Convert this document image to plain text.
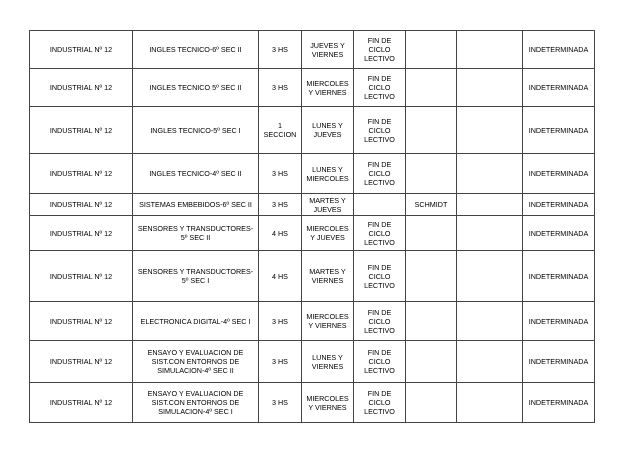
INDUSTRIAL Nº 12	INGLES TECNICO-6º SEC II	3 HS	JUEVES Y
VIERNES	FIN DE
CICLO
LECTIVO			INDETERMINADA
INDUSTRIAL Nº 12	INGLES TECNICO 5º SEC II	3 HS	MIERCOLES
Y VIERNES	FIN DE
CICLO
LECTIVO			INDETERMINADA
INDUSTRIAL Nº 12	INGLES TECNICO-5º SEC I	1
SECCION	LUNES Y
JUEVES	FIN DE
CICLO
LECTIVO			INDETERMINADA
INDUSTRIAL Nº 12	INGLES TECNICO-4º SEC II	3 HS	LUNES Y
MIERCOLES	FIN DE
CICLO
LECTIVO			INDETERMINADA
INDUSTRIAL Nº 12	SISTEMAS EMBEBIDOS-6º SEC II	3 HS	MARTES Y
JUEVES		SCHMIDT		INDETERMINADA
INDUSTRIAL Nº 12	SENSORES Y TRANSDUCTORES-
5º SEC II	4 HS	MIERCOLES
Y JUEVES	FIN DE
CICLO
LECTIVO			INDETERMINADA
INDUSTRIAL Nº 12	SENSORES Y TRANSDUCTORES-
5º SEC I	4 HS	MARTES Y
VIERNES	FIN DE
CICLO
LECTIVO			INDETERMINADA
INDUSTRIAL Nº 12	ELECTRONICA DIGITAL-4º SEC I	3 HS	MIERCOLES
Y VIERNES	FIN DE
CICLO
LECTIVO			INDETERMINADA
INDUSTRIAL Nº 12	ENSAYO Y EVALUACION DE
SIST.CON ENTORNOS DE
SIMULACION-4º SEC II	3 HS	LUNES Y
VIERNES	FIN DE
CICLO
LECTIVO			INDETERMINADA
INDUSTRIAL Nº 12	ENSAYO Y EVALUACION DE
SIST.CON ENTORNOS DE
SIMULACION-4º SEC I	3 HS	MIERCOLES
Y VIERNES	FIN DE
CICLO
LECTIVO			INDETERMINADA
